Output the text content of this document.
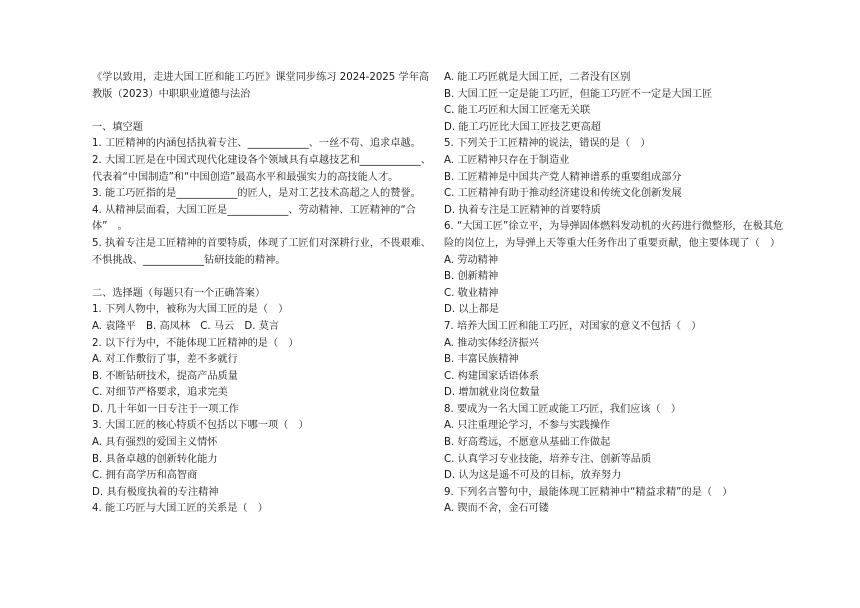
《学以致用，走进大国工匠和能工巧匠》课堂同步练习 2024-2025 学年高教版（2023）中职职业道德与法治
一、填空题
1. 工匠精神的内涵包括执着专注、____________、一丝不苟、追求卓越。
2. 大国工匠是在中国式现代化建设各个领域具有卓越技艺和____________、代表着“中国制造”和“中国创造”最高水平和最强实力的高技能人才。
3. 能工巧匠指的是____________的匠人，是对工艺技术高超之人的赞誉。
4. 从精神层面看，大国工匠是____________、劳动精神、工匠精神的“合体”　。
5. 执着专注是工匠精神的首要特质，体现了工匠们对深耕行业，不畏艰难、不惧挑战、____________钻研技能的精神。
二、选择题（每题只有一个正确答案）
1. 下列人物中，被称为大国工匠的是（　）
A. 袁隆平　B. 高凤林　C. 马云　D. 莫言
2. 以下行为中，不能体现工匠精神的是（　）
A. 对工作敷衍了事，差不多就行
B. 不断钻研技术，提高产品质量
C. 对细节严格要求，追求完美
D. 几十年如一日专注于一项工作
3. 大国工匠的核心特质不包括以下哪一项（　）
A. 具有强烈的爱国主义情怀
B. 具备卓越的创新转化能力
C. 拥有高学历和高智商
D. 具有极度执着的专注精神
4. 能工巧匠与大国工匠的关系是（　）
A. 能工巧匠就是大国工匠，二者没有区别
B. 大国工匠一定是能工巧匠，但能工巧匠不一定是大国工匠
C. 能工巧匠和大国工匠毫无关联
D. 能工巧匠比大国工匠技艺更高超
5. 下列关于工匠精神的说法，错误的是（　）
A. 工匠精神只存在于制造业
B. 工匠精神是中国共产党人精神谱系的重要组成部分
C. 工匠精神有助于推动经济建设和传统文化创新发展
D. 执着专注是工匠精神的首要特质
6. “大国工匠”徐立平，为导弹固体燃料发动机的火药进行微整形，在极其危险的岗位上，为导弹上天等重大任务作出了重要贡献，他主要体现了（　）
A. 劳动精神
B. 创新精神
C. 敬业精神
D. 以上都是
7. 培养大国工匠和能工巧匠，对国家的意义不包括（　）
A. 推动实体经济振兴
B. 丰富民族精神
C. 构建国家话语体系
D. 增加就业岗位数量
8. 要成为一名大国工匠或能工巧匠，我们应该（　）
A. 只注重理论学习，不参与实践操作
B. 好高骛远，不愿意从基础工作做起
C. 认真学习专业技能，培养专注、创新等品质
D. 认为这是遥不可及的目标，放弃努力
9. 下列名言警句中，最能体现工匠精神中“精益求精”的是（　）
A. 锲而不舍，金石可镂
